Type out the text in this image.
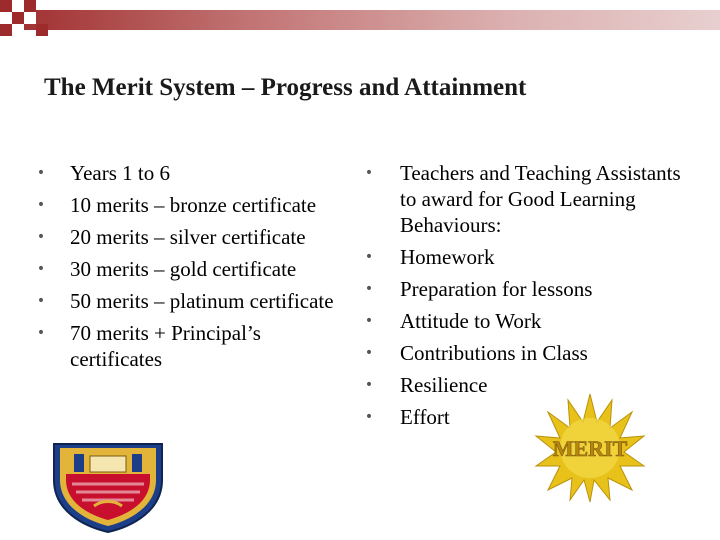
The Merit System – Progress and Attainment
• Years 1 to 6
• 10 merits – bronze certificate
• 20 merits – silver certificate
• 30 merits – gold certificate
• 50 merits – platinum certificate
• 70 merits + Principal’s certificates
• Teachers and Teaching Assistants to award for Good Learning Behaviours:
• Homework
• Preparation for lessons
• Attitude to Work
• Contributions in Class
• Resilience
• Effort
MERIT
